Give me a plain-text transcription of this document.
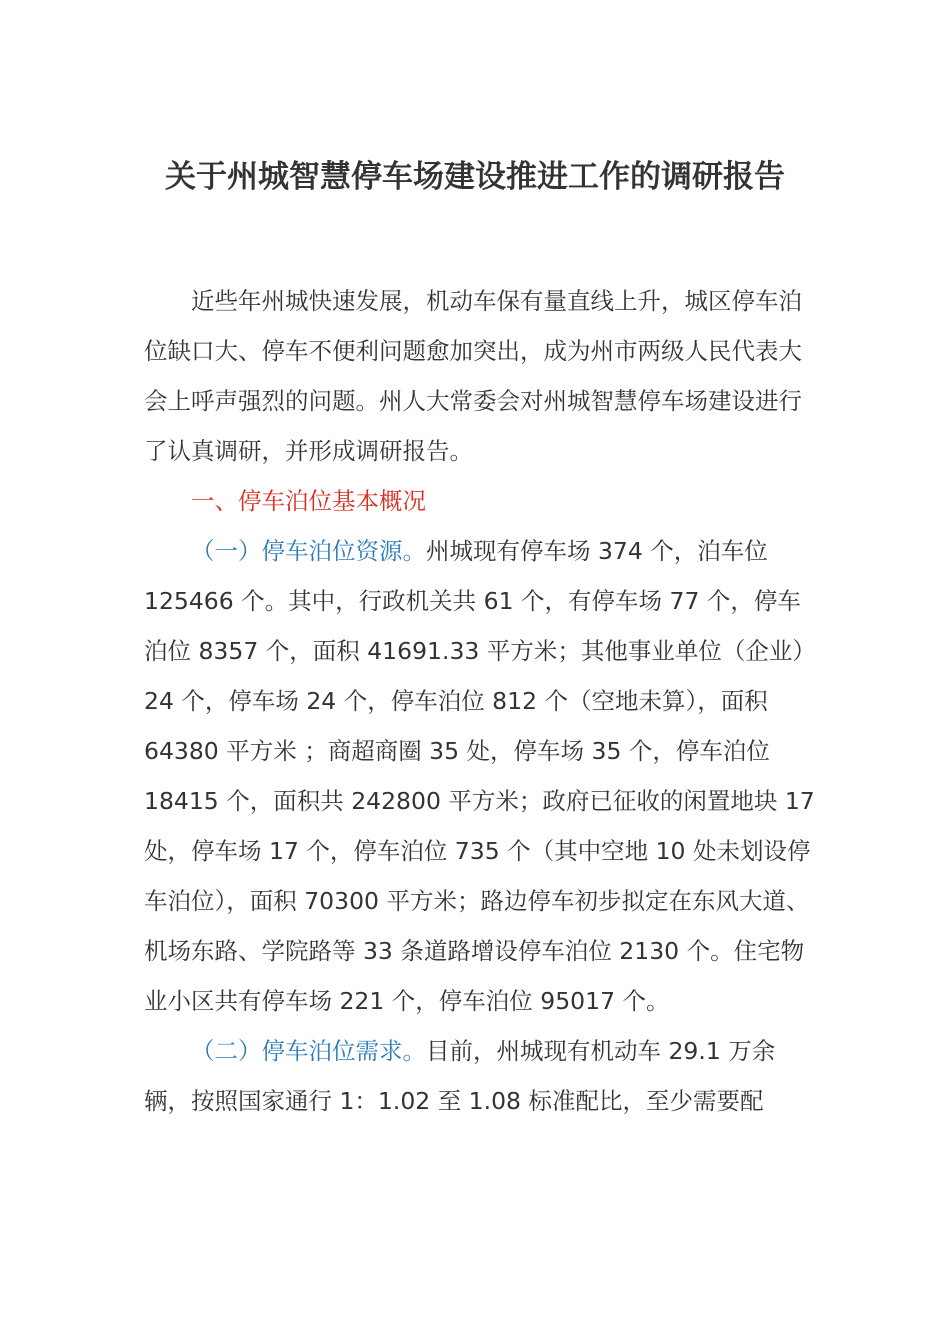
关于州城智慧停车场建设推进工作的调研报告

近些年州城快速发展，机动车保有量直线上升，城区停车泊位缺口大、停车不便利问题愈加突出，成为州市两级人民代表大会上呼声强烈的问题。州人大常委会对州城智慧停车场建设进行了认真调研，并形成调研报告。

一、停车泊位基本概况

（一）停车泊位资源。州城现有停车场 374 个，泊车位 125466 个。其中，行政机关共 61 个，有停车场 77 个，停车泊位 8357 个，面积 41691.33 平方米；其他事业单位（企业）24 个，停车场 24 个，停车泊位 812 个（空地未算），面积 64380 平方米 ；商超商圈 35 处，停车场 35 个，停车泊位 18415 个，面积共 242800 平方米；政府已征收的闲置地块 17 处，停车场 17 个，停车泊位 735 个（其中空地 10 处未划设停车泊位），面积 70300 平方米；路边停车初步拟定在东风大道、机场东路、学院路等 33 条道路增设停车泊位 2130 个。住宅物业小区共有停车场 221 个，停车泊位 95017 个。

（二）停车泊位需求。目前，州城现有机动车 29.1 万余辆，按照国家通行 1：1.02 至 1.08 标准配比，至少需要配
